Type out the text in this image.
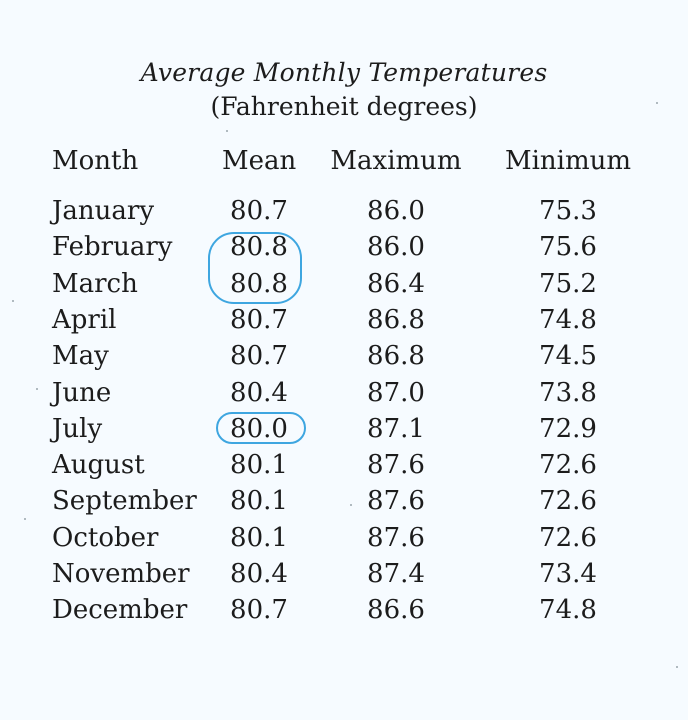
Average Monthly Temperatures
(Fahrenheit degrees)
Month	Mean Maximum Minimum
January	80.7	86.0	75.3
February	80.8	86.0	75.6
March	80.8	86.4	75.2
April	80.7	86.8	74.8
May	80.7	86.8	74.5
June	80.4	87.0	73.8
July	80.0	87.1	72.9
August	80.1	87.6	72.6
September	80.1	87.6	72.6
October	80.1	87.6	72.6
November	80.4	87.4	73.4
December	80.7	86.6	74.8
